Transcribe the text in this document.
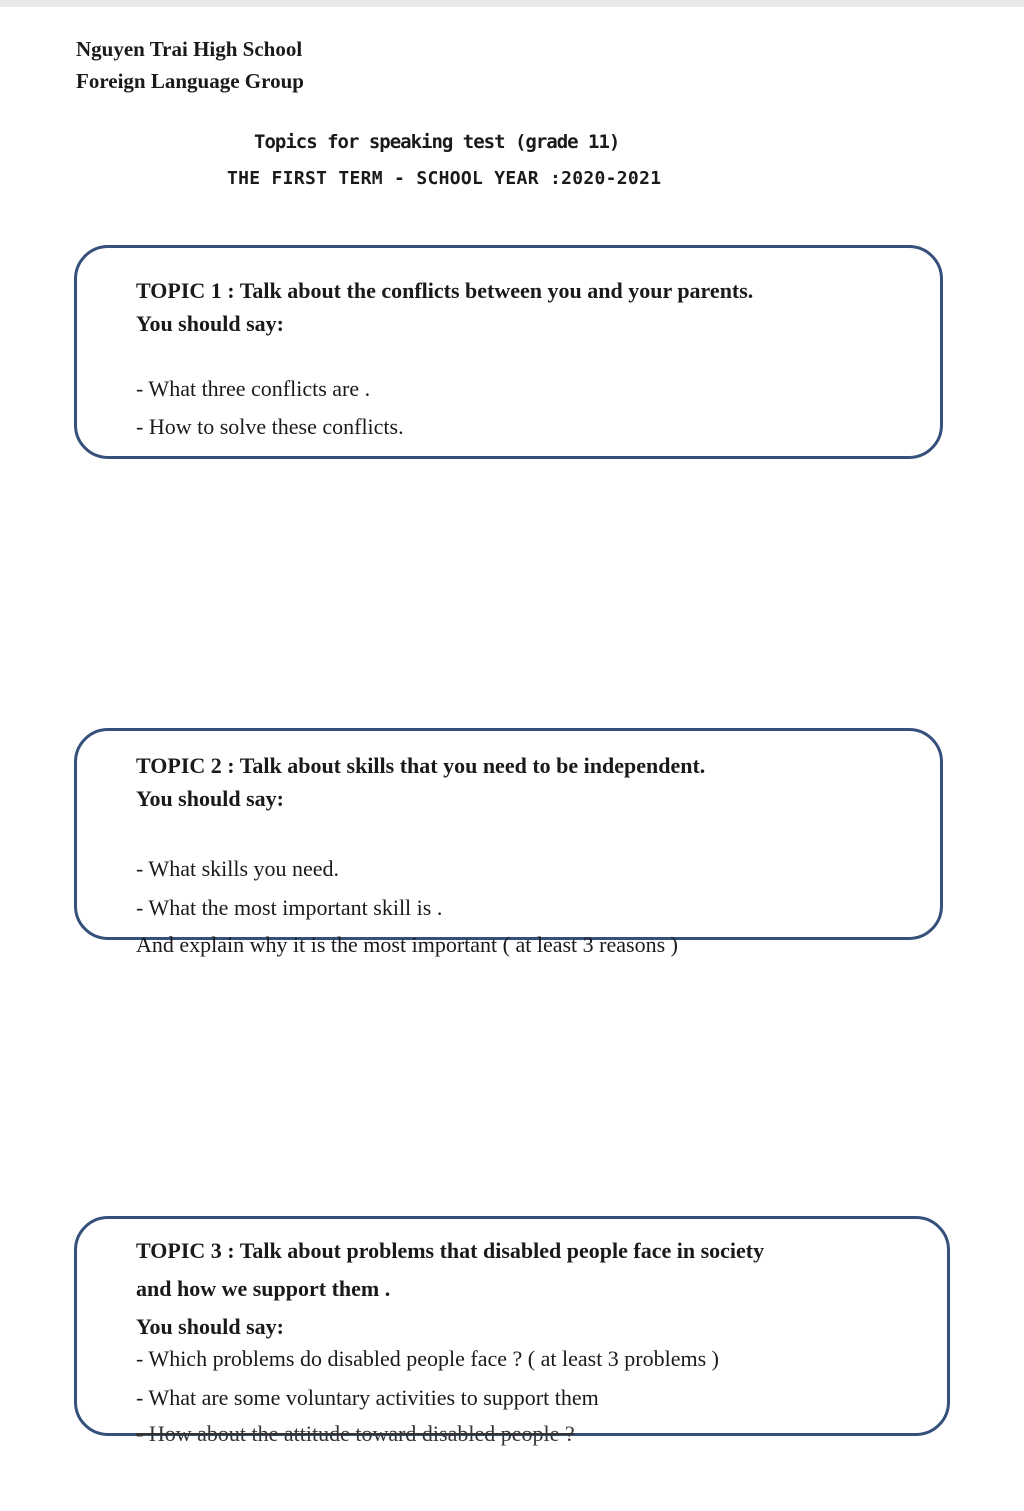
Nguyen Trai High School
Foreign Language Group
Topics for speaking test (grade 11)
THE FIRST TERM - SCHOOL YEAR :2020-2021
TOPIC 1 : Talk about the conflicts between you and your parents.
You should say:
- What three conflicts are .
- How to solve these conflicts.
TOPIC 2 : Talk about skills that you need to be independent.
You should say:
- What skills you need.
- What the most important skill is .
And explain why it is the most important ( at least 3 reasons )
TOPIC 3 : Talk about problems that disabled people face in society
and how we support them .
You should say:
- Which problems do disabled people face ? ( at least 3 problems )
- What are some voluntary activities to support them
- How about the attitude toward disabled people ?
